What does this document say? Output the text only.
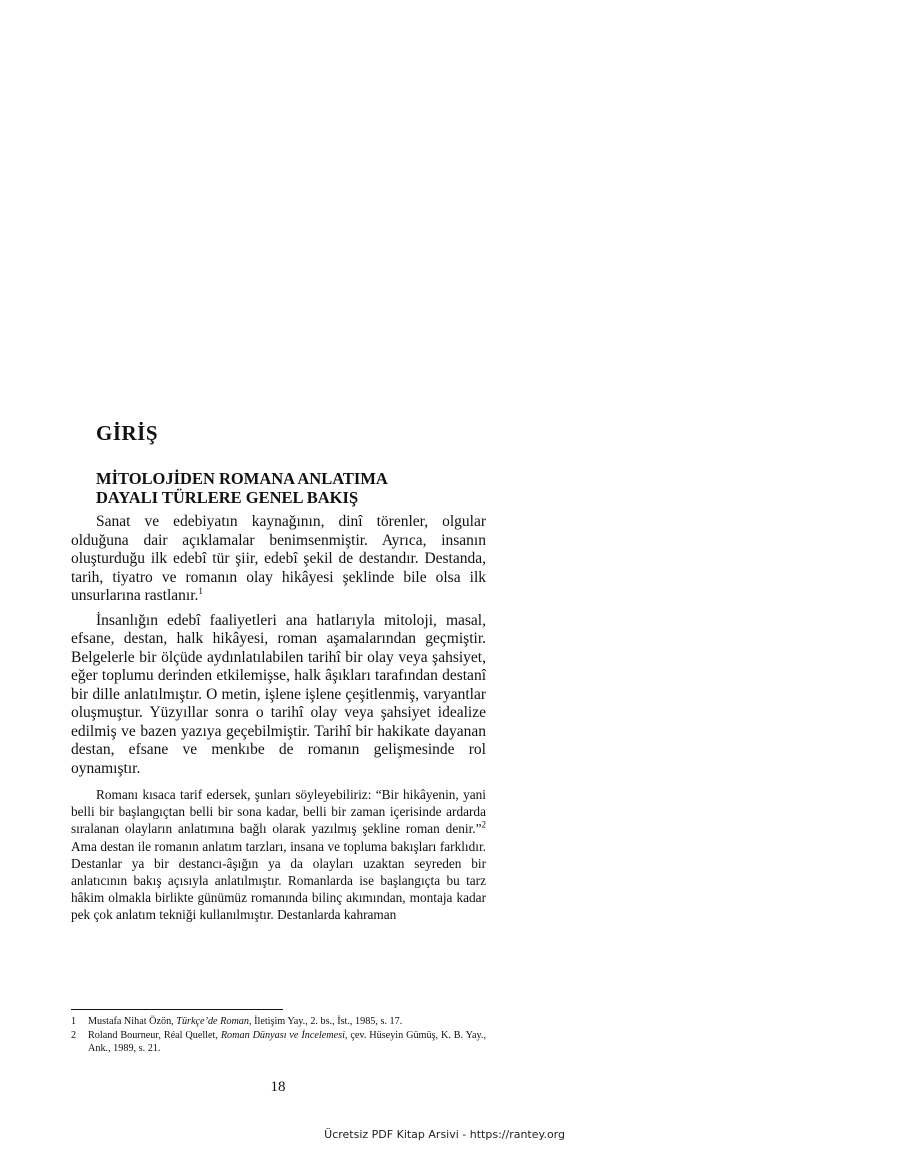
GİRİŞ
MİTOLOJİDEN ROMANA ANLATIMA
DAYALI TÜRLERE GENEL BAKIŞ

Sanat ve edebiyatın kaynağının, dinî törenler, olgular olduğuna dair açıklamalar benimsenmiştir. Ayrıca, insanın oluşturduğu ilk edebî tür şiir, edebî şekil de destandır. Destanda, tarih, tiyatro ve romanın olay hikâyesi şeklinde bile olsa ilk unsurlarına rastlanır.$^1$

İnsanlığın edebî faaliyetleri ana hatlarıyla mitoloji, masal, efsane, destan, halk hikâyesi, roman aşamalarından geçmiştir. Belgelerle bir ölçüde aydınlatılabilen tarihî bir olay veya şahsiyet, eğer toplumu derinden etkilemişse, halk âşıkları tarafından destanî bir dille anlatılmıştır. O metin, işlene işlene çeşitlenmiş, varyantlar oluşmuştur. Yüzyıllar sonra o tarihî olay veya şahsiyet idealize edilmiş ve bazen yazıya geçebilmiştir. Tarihî bir hakikate dayanan destan, efsane ve menkıbe de romanın gelişmesinde rol oynamıştır.

Romanı kısaca tarif edersek, şunları söyleyebiliriz: “Bir hikâyenin, yani belli bir başlangıçtan belli bir sona kadar, belli bir zaman içerisinde ardarda sıralanan olayların anlatımına bağlı olarak yazılmış şekline roman denir.”$^2$ Ama destan ile romanın anlatım tarzları, insana ve topluma bakışları farklıdır. Destanlar ya bir destancı-âşığın ya da olayları uzaktan seyreden bir anlatıcının bakış açısıyla anlatılmıştır. Romanlarda ise başlangıçta bu tarz hâkim olmakla birlikte günümüz romanında bilinç akımından, montaja kadar pek çok anlatım tekniği kullanılmıştır. Destanlarda kahraman

1 Mustafa Nihat Özön, Türkçe’de Roman, İletişim Yay., 2. bs., İst., 1985, s. 17.

2 Roland Bourneur, Réal Quellet, Roman Dünyası ve İncelemesi, çev. Hüseyin Gümüş, K. B. Yay., Ank., 1989, s. 21.

18
Ücretsiz PDF Kitap Arsivi - https://rantey.org
